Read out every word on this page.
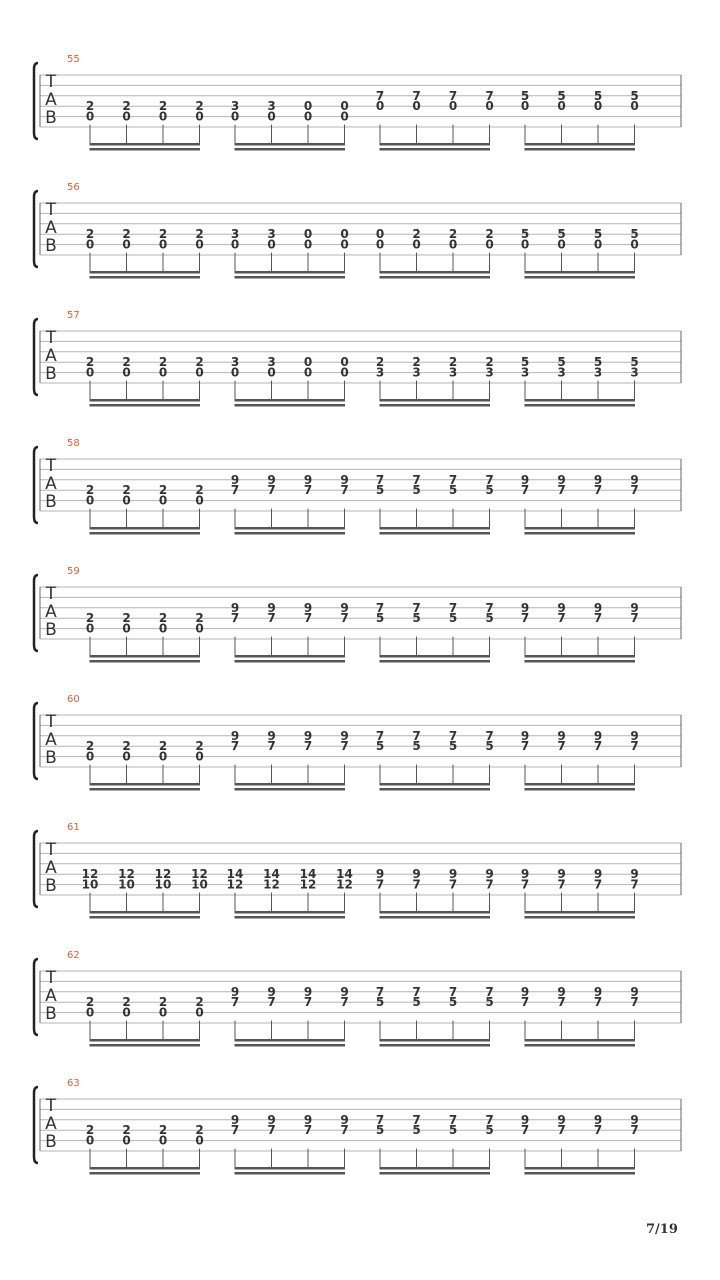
T
A
B
55
2
0
2
0
2
0
2
0
3
0
3
0
0
0
0
0
7
0
7
0
7
0
7
0
5
0
5
0
5
0
5
0
T
A
B
56
2
0
2
0
2
0
2
0
3
0
3
0
0
0
0
0
0
0
2
0
2
0
2
0
5
0
5
0
5
0
5
0
T
A
B
57
2
0
2
0
2
0
2
0
3
0
3
0
0
0
0
0
2
3
2
3
2
3
2
3
5
3
5
3
5
3
5
3
T
A
B
58
2
0
2
0
2
0
2
0
9
7
9
7
9
7
9
7
7
5
7
5
7
5
7
5
9
7
9
7
9
7
9
7
T
A
B
59
2
0
2
0
2
0
2
0
9
7
9
7
9
7
9
7
7
5
7
5
7
5
7
5
9
7
9
7
9
7
9
7
T
A
B
60
2
0
2
0
2
0
2
0
9
7
9
7
9
7
9
7
7
5
7
5
7
5
7
5
9
7
9
7
9
7
9
7
T
A
B
61
12
10
12
10
12
10
12
10
14
12
14
12
14
12
14
12
9
7
9
7
9
7
9
7
9
7
9
7
9
7
9
7
T
A
B
62
2
0
2
0
2
0
2
0
9
7
9
7
9
7
9
7
7
5
7
5
7
5
7
5
9
7
9
7
9
7
9
7
T
A
B
63
2
0
2
0
2
0
2
0
9
7
9
7
9
7
9
7
7
5
7
5
7
5
7
5
9
7
9
7
9
7
9
7
7/19
